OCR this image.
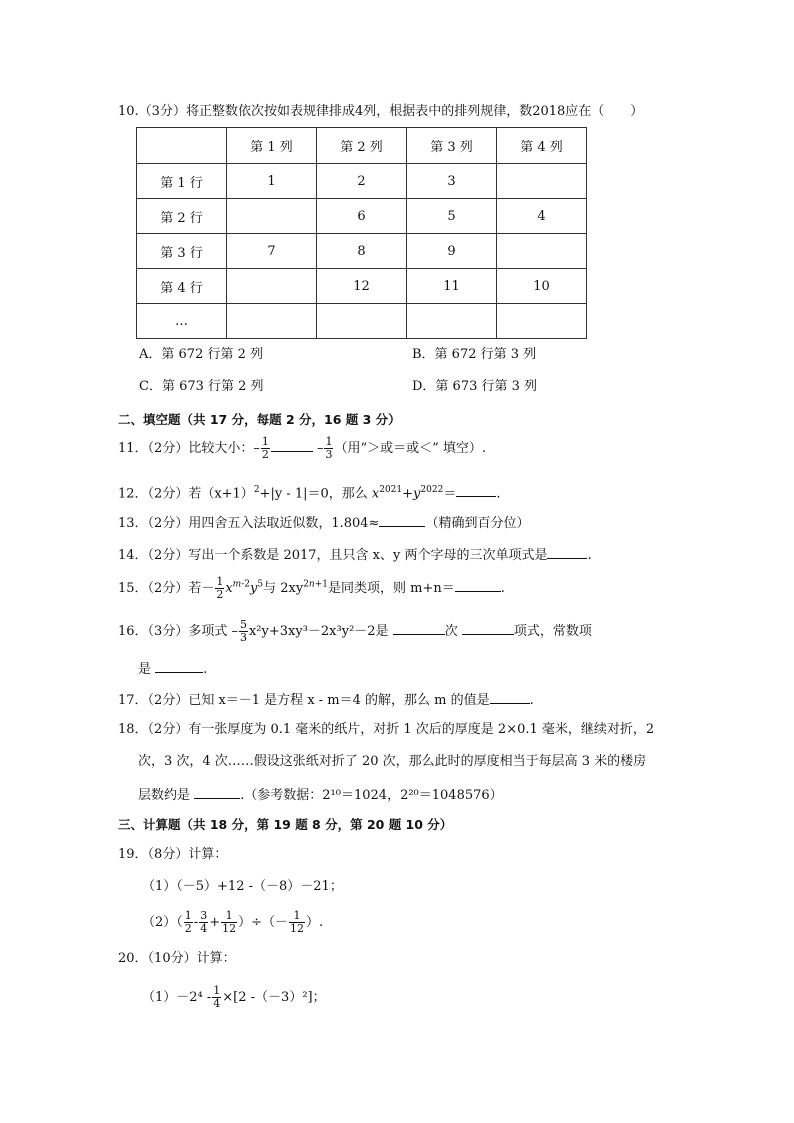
10.（3分）将正整数依次按如表规律排成4列，根据表中的排列规律，数2018应在（　　）
	第 1 列	第 2 列	第 3 列	第 4 列
第 1 行	1	2	3	
第 2 行		6	5	4
第 3 行	7	8	9	
第 4 行		12	11	10
…				
A．第 672 行第 2 列	B．第 672 行第 3 列
C．第 673 行第 2 列	D．第 673 行第 3 列
二、填空题（共 17 分，每题 2 分，16 题 3 分）
11．（2分）比较大小：– $\frac{1}{2}$	– $\frac{1}{3}$ （用“＞或＝或＜” 填空）.
12．（2分）若$(x+1)^2+|y - 1|=0$，那么 $x^{2021}+y^{2022}=$	.
13．（2分）用四舍五入法取近似数，1.804≈	（精确到百分位）
14．（2分）写出一个系数是 2017，且只含 x、y 两个字母的三次单项式是	.
15．（2分）若－ $\frac{1}{2} x^{m-2}y^5$与 $2xy^{2n+1}$是同类项，则 m+n＝	.
16．（3分）多项式 – $\frac{5}{3} x^2y+3xy^3-2x^3y^2-2$是	次	项式，常数项
是	.
17．（2分）已知 x＝－1 是方程 x - m＝4 的解，那么 m 的值是	.
18．（2分）有一张厚度为 0.1 毫米的纸片，对折 1 次后的厚度是 2×0.1 毫米，继续对折，2
次，3 次，4 次……假设这张纸对折了 20 次，那么此时的厚度相当于每层高 3 米的楼房
层数约是	.（参考数据：2¹⁰＝1024，2²⁰＝1048576）
三、计算题（共 18 分，第 19 题 8 分，第 20 题 10 分）
19．（8分）计算：
（1）（－5）+12 -（－8）－21；
$(2)( \frac{1}{2} - \frac{3}{4} + \frac{1}{12}$ ）÷（－ $\frac{1}{12}$ ）.
20．（10分）计算：
$(1)-2^4 - \frac{1}{4} \times[2$ -（－3）²]；
